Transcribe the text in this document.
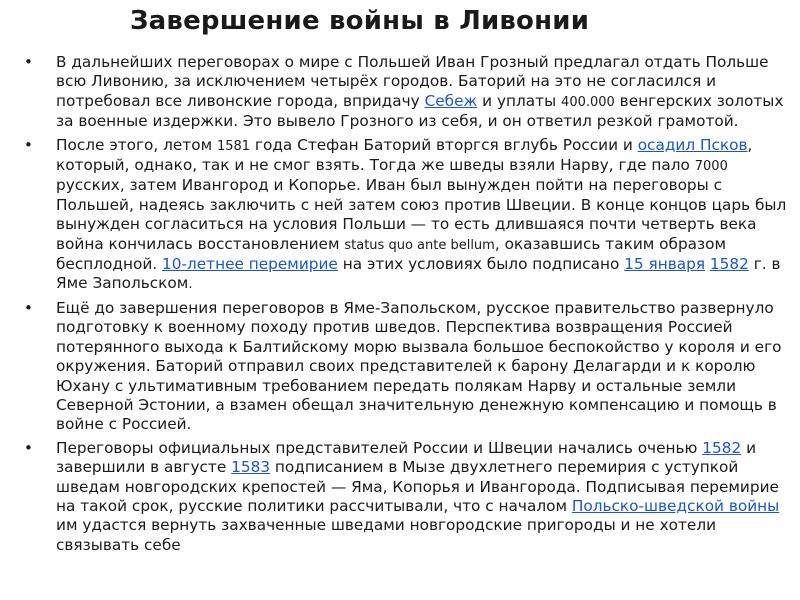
Завершение войны в Ливонии
• В дальнейших переговорах о мире с Польшей Иван Грозный предлагал отдать Польше всю Ливонию, за исключением четырёх городов. Баторий на это не согласился и потребовал все ливонские города, впридачу Себеж и уплаты 400.000 венгерских золотых за военные издержки. Это вывело Грозного из себя, и он ответил резкой грамотой.
• После этого, летом 1581 года Стефан Баторий вторгся вглубь России и осадил Псков, который, однако, так и не смог взять. Тогда же шведы взяли Нарву, где пало 7000 русских, затем Ивангород и Копорье. Иван был вынужден пойти на переговоры с Польшей, надеясь заключить с ней затем союз против Швеции. В конце концов царь был вынужден согласиться на условия Польши — то есть длившаяся почти четверть века война кончилась восстановлением status quo ante bellum, оказавшись таким образом бесплодной. 10-летнее перемирие на этих условиях было подписано 15 января 1582 г. в Яме Запольском.
• Ещё до завершения переговоров в Яме-Запольском, русское правительство развернуло подготовку к военному походу против шведов. Перспектива возвращения Россией потерянного выхода к Балтийскому морю вызвала большое беспокойство у короля и его окружения. Баторий отправил своих представителей к барону Делагарди и к королю Юхану с ультимативным требованием передать полякам Нарву и остальные земли Северной Эстонии, а взамен обещал значительную денежную компенсацию и помощь в войне с Россией.
• Переговоры официальных представителей России и Швеции начались оченью 1582 и завершили в августе 1583 подписанием в Мызе двухлетнего перемирия с уступкой шведам новгородских крепостей — Яма, Копорья и Ивангорода. Подписывая перемирие на такой срок, русские политики рассчитывали, что с началом Польско-шведской войны им удастся вернуть захваченные шведами новгородские пригороды и не хотели связывать себе
